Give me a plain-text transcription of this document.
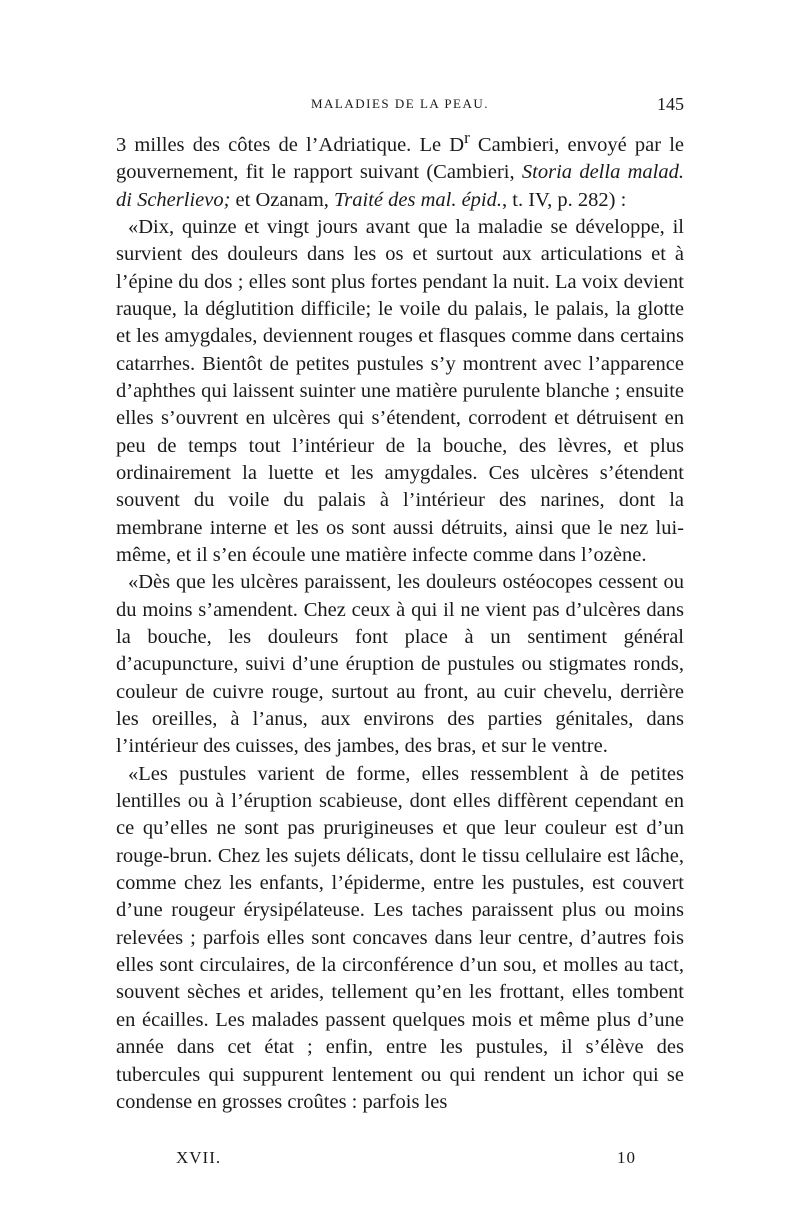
MALADIES DE LA PEAU.	145

3 milles des côtes de l’Adriatique. Le $D^r$ Cambieri, envoyé par le gouvernement, fit le rapport suivant (Cambieri, Storia della malad. di Scherlievo; et Ozanam, Traité des mal. épid., t. IV, p. 282) :

«Dix, quinze et vingt jours avant que la maladie se développe, il survient des douleurs dans les os et surtout aux articulations et à l’épine du dos ; elles sont plus fortes pendant la nuit. La voix devient rauque, la déglutition difficile; le voile du palais, le palais, la glotte et les amygdales, deviennent rouges et flasques comme dans certains catarrhes. Bientôt de petites pustules s’y montrent avec l’apparence d’aphthes qui laissent suinter une matière purulente blanche ; ensuite elles s’ouvrent en ulcères qui s’étendent, corrodent et détruisent en peu de temps tout l’intérieur de la bouche, des lèvres, et plus ordinairement la luette et les amygdales. Ces ulcères s’étendent souvent du voile du palais à l’intérieur des narines, dont la membrane interne et les os sont aussi détruits, ainsi que le nez lui-même, et il s’en écoule une matière infecte comme dans l’ozène.

«Dès que les ulcères paraissent, les douleurs ostéocopes cessent ou du moins s’amendent. Chez ceux à qui il ne vient pas d’ulcères dans la bouche, les douleurs font place à un sentiment général d’acupuncture, suivi d’une éruption de pustules ou stigmates ronds, couleur de cuivre rouge, surtout au front, au cuir chevelu, derrière les oreilles, à l’anus, aux environs des parties génitales, dans l’intérieur des cuisses, des jambes, des bras, et sur le ventre.

«Les pustules varient de forme, elles ressemblent à de petites lentilles ou à l’éruption scabieuse, dont elles diffèrent cependant en ce qu’elles ne sont pas prurigineuses et que leur couleur est d’un rouge-brun. Chez les sujets délicats, dont le tissu cellulaire est lâche, comme chez les enfants, l’épiderme, entre les pustules, est couvert d’une rougeur érysipélateuse. Les taches paraissent plus ou moins relevées ; parfois elles sont concaves dans leur centre, d’autres fois elles sont circulaires, de la circonférence d’un sou, et molles au tact, souvent sèches et arides, tellement qu’en les frottant, elles tombent en écailles. Les malades passent quelques mois et même plus d’une année dans cet état ; enfin, entre les pustules, il s’élève des tubercules qui suppurent lentement ou qui rendent un ichor qui se condense en grosses croûtes : parfois les

XVII.	10
